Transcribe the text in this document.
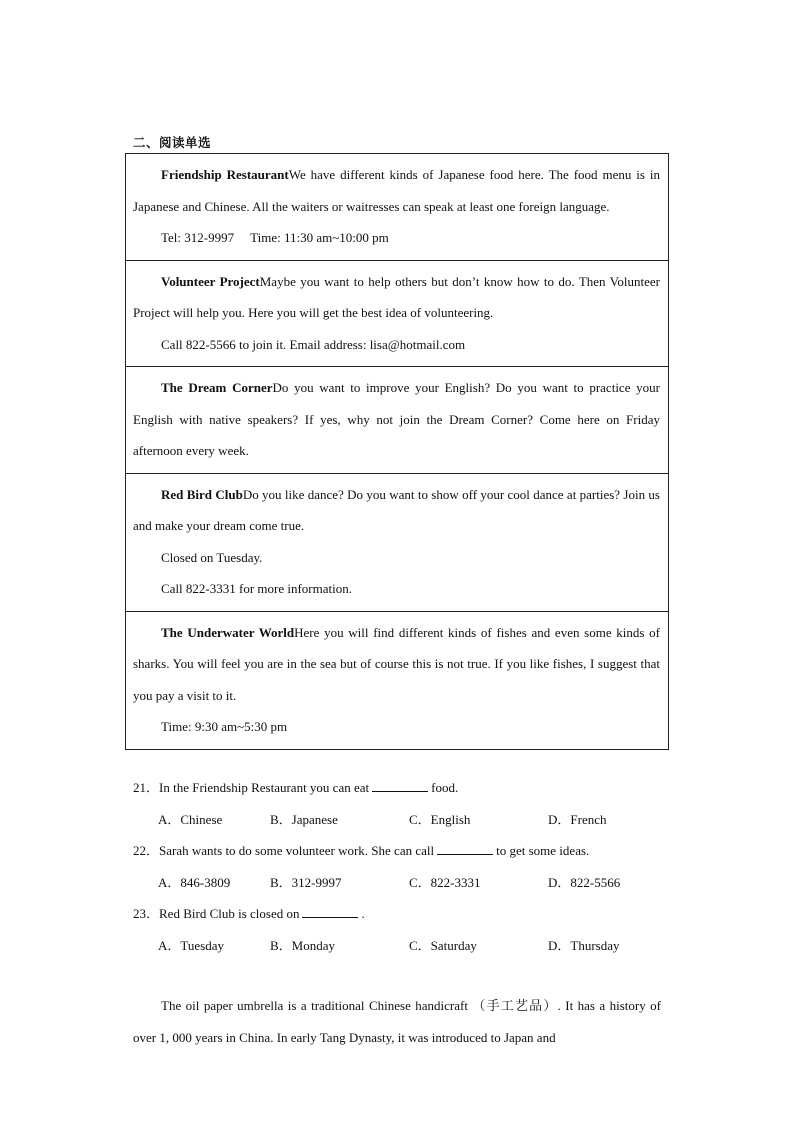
二、阅读单选

Friendship RestaurantWe have different kinds of Japanese food here. The food menu is in Japanese and Chinese. All the waiters or waitresses can speak at least one foreign language.

Tel: 312-9997 Time: 11:30 am~10:00 pm

Volunteer ProjectMaybe you want to help others but don’t know how to do. Then Volunteer Project will help you. Here you will get the best idea of volunteering.

Call 822-5566 to join it. Email address: lisa@hotmail.com

The Dream CornerDo you want to improve your English? Do you want to practice your English with native speakers? If yes, why not join the Dream Corner? Come here on Friday afternoon every week.

Red Bird ClubDo you like dance? Do you want to show off your cool dance at parties? Join us and make your dream come true.

Closed on Tuesday.

Call 822-3331 for more information.

The Underwater WorldHere you will find different kinds of fishes and even some kinds of sharks. You will feel you are in the sea but of course this is not true. If you like fishes, I suggest that you pay a visit to it.

Time: 9:30 am~5:30 pm

21．In the Friendship Restaurant you can eat	food.

A．Chinese	B．Japanese	C．English	D．French

22．Sarah wants to do some volunteer work. She can call	to get some ideas.

A．846-3809	B．312-9997	C．822-3331	D．822-5566

23．Red Bird Club is closed on	.

A．Tuesday	B．Monday	C．Saturday	D．Thursday

The oil paper umbrella is a traditional Chinese handicraft （手工艺品）. It has a history of over 1, 000 years in China. In early Tang Dynasty, it was introduced to Japan and
